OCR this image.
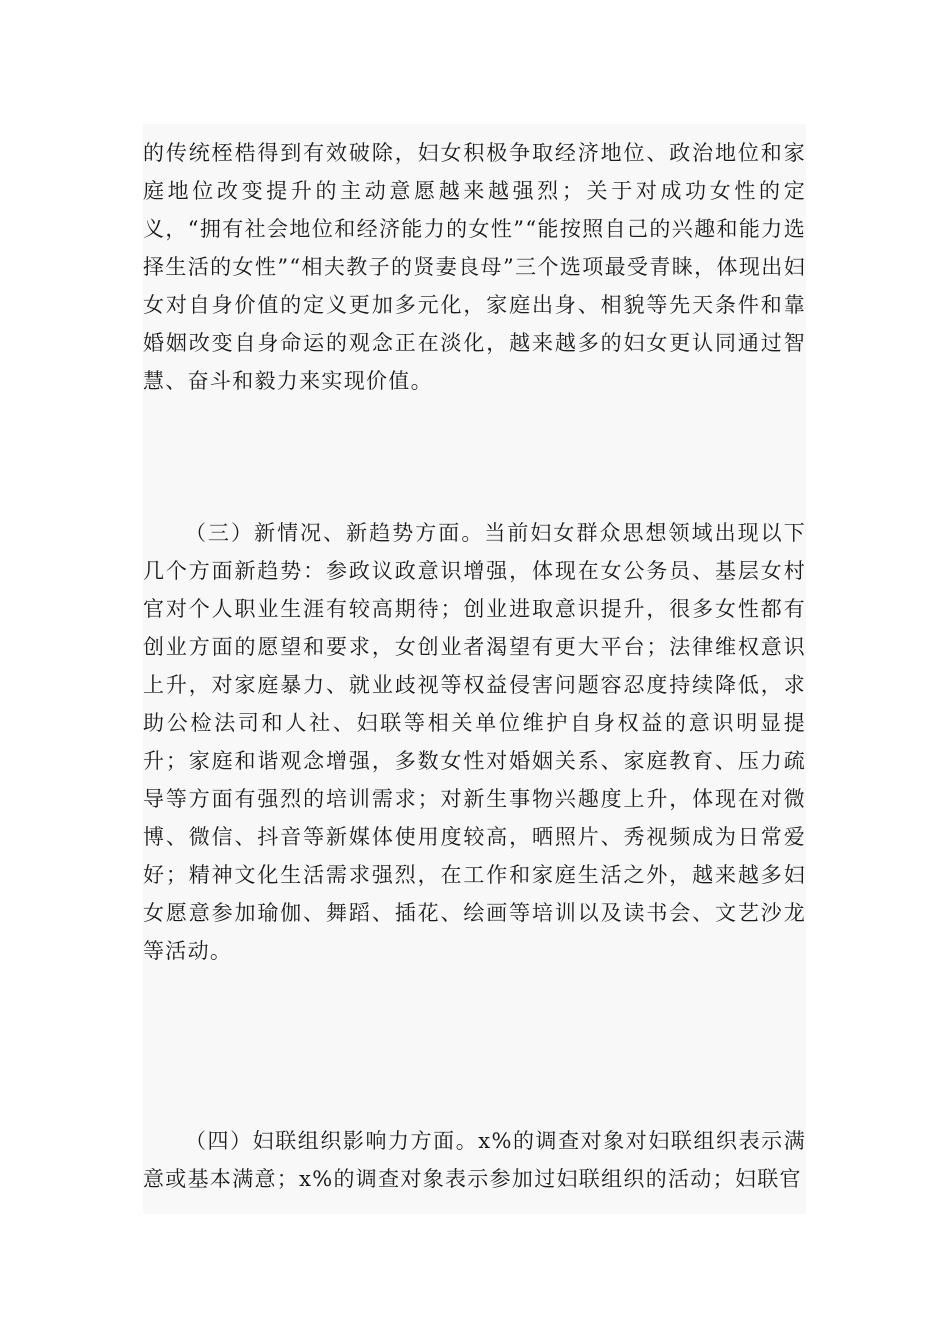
的传统桎梏得到有效破除，妇女积极争取经济地位、政治地位和家庭地位改变提升的主动意愿越来越强烈；关于对成功女性的定义，“拥有社会地位和经济能力的女性”“能按照自己的兴趣和能力选择生活的女性”“相夫教子的贤妻良母”三个选项最受青睐，体现出妇女对自身价值的定义更加多元化，家庭出身、相貌等先天条件和靠婚姻改变自身命运的观念正在淡化，越来越多的妇女更认同通过智慧、奋斗和毅力来实现价值。

（三）新情况、新趋势方面。当前妇女群众思想领域出现以下几个方面新趋势：参政议政意识增强，体现在女公务员、基层女村官对个人职业生涯有较高期待；创业进取意识提升，很多女性都有创业方面的愿望和要求，女创业者渴望有更大平台；法律维权意识上升，对家庭暴力、就业歧视等权益侵害问题容忍度持续降低，求助公检法司和人社、妇联等相关单位维护自身权益的意识明显提升；家庭和谐观念增强，多数女性对婚姻关系、家庭教育、压力疏导等方面有强烈的培训需求；对新生事物兴趣度上升，体现在对微博、微信、抖音等新媒体使用度较高，晒照片、秀视频成为日常爱好；精神文化生活需求强烈，在工作和家庭生活之外，越来越多妇女愿意参加瑜伽、舞蹈、插花、绘画等培训以及读书会、文艺沙龙等活动。

（四）妇联组织影响力方面。x%的调查对象对妇联组织表示满意或基本满意；x%的调查对象表示参加过妇联组织的活动；妇联官
